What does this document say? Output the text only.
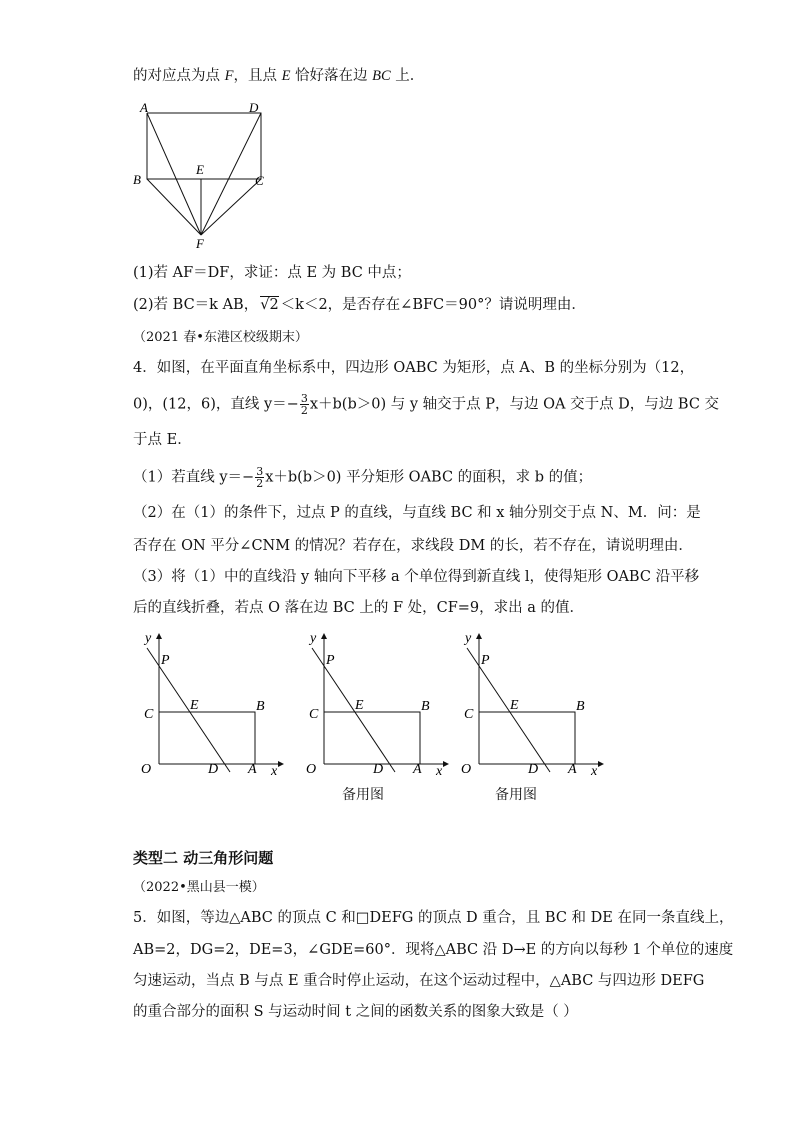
的对应点为点 F，且点 E 恰好落在边 BC 上．
A	D
B
E
C
F
(1)若 AF＝DF，求证：点 E 为 BC 中点；
(2)若 BC＝k AB， √2 ＜k＜2，是否存在∠BFC＝90°？请说明理由．
（2021 春•东港区校级期末）
4．如图，在平面直角坐标系中，四边形 OABC 为矩形，点 A、B 的坐标分别为（12，
0)，(12，6)，直线 $y=- \frac{3}{2} x+b(b>0)$ 与 y 轴交于点 P，与边 OA 交于点 D，与边 BC 交
于点 E．
（1）若直线 $y=- \frac{3}{2} x+b(b>0)$ 平分矩形 OABC 的面积，求 b 的值；
（2）在（1）的条件下，过点 P 的直线，与直线 BC 和 x 轴分别交于点 N、M．问：是
否存在 ON 平分∠CNM 的情况？若存在，求线段 DM 的长，若不存在，请说明理由．
（3）将（1）中的直线沿 y 轴向下平移 a 个单位得到新直线 l，使得矩形 OABC 沿平移
后的直线折叠，若点 O 落在边 BC 上的 F 处，CF=9，求出 a 的值．
y
x
O
P
C
E	B
D A
y
x
O
P
C
E	B
D A
y
x
O
P
C
E	B
D A
备用图	备用图
类型二 动三角形问题
（2022•黑山县一模）
5．如图，等边△ABC 的顶点 C 和□DEFG 的顶点 D 重合，且 BC 和 DE 在同一条直线上，
AB=2，DG=2，DE=3，∠GDE=60°．现将△ABC 沿 D→E 的方向以每秒 1 个单位的速度
匀速运动，当点 B 与点 E 重合时停止运动，在这个运动过程中，△ABC 与四边形 DEFG
的重合部分的面积 S 与运动时间 t 之间的函数关系的图象大致是（ ）
